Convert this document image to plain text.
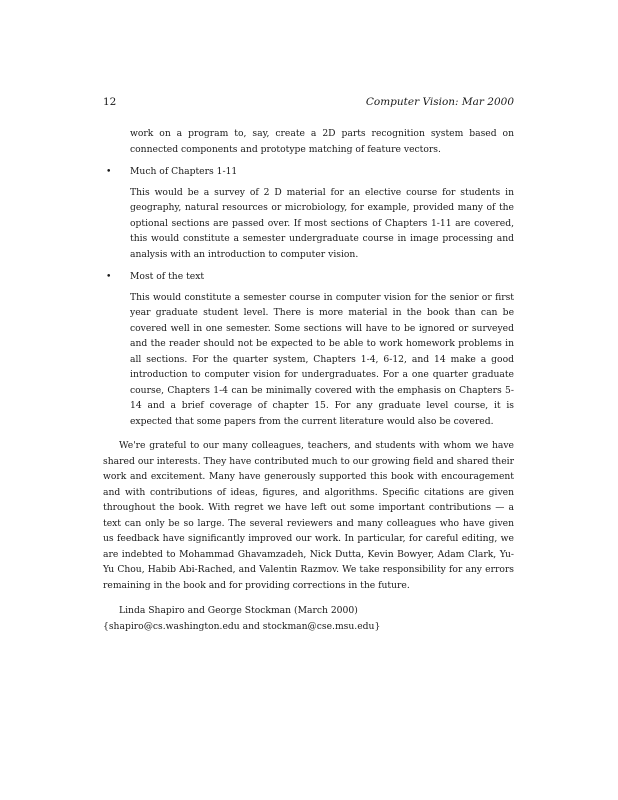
12	Computer Vision: Mar 2000

work on a program to, say, create a 2D parts recognition system based on connected components and prototype matching of feature vectors.

•	Much of Chapters 1-11

This would be a survey of 2 D material for an elective course for students in geography, natural resources or microbiology, for example, provided many of the optional sections are passed over. If most sections of Chapters 1-11 are covered, this would constitute a semester undergraduate course in image processing and analysis with an introduction to computer vision.

•	Most of the text

This would constitute a semester course in computer vision for the senior or first year graduate student level. There is more material in the book than can be covered well in one semester. Some sections will have to be ignored or surveyed and the reader should not be expected to be able to work homework problems in all sections. For the quarter system, Chapters 1-4, 6-12, and 14 make a good introduction to computer vision for undergraduates. For a one quarter graduate course, Chapters 1-4 can be minimally covered with the emphasis on Chapters 5-14 and a brief coverage of chapter 15. For any graduate level course, it is expected that some papers from the current literature would also be covered.

We're grateful to our many colleagues, teachers, and students with whom we have shared our interests. They have contributed much to our growing field and shared their work and excitement. Many have generously supported this book with encouragement and with contributions of ideas, figures, and algorithms. Specific citations are given throughout the book. With regret we have left out some important contributions — a text can only be so large. The several reviewers and many colleagues who have given us feedback have significantly improved our work. In particular, for careful editing, we are indebted to Mohammad Ghavamzadeh, Nick Dutta, Kevin Bowyer, Adam Clark, Yu-Yu Chou, Habib Abi-Rached, and Valentin Razmov. We take responsibility for any errors remaining in the book and for providing corrections in the future.

Linda Shapiro and George Stockman (March 2000)
{shapiro@cs.washington.edu and stockman@cse.msu.edu}
